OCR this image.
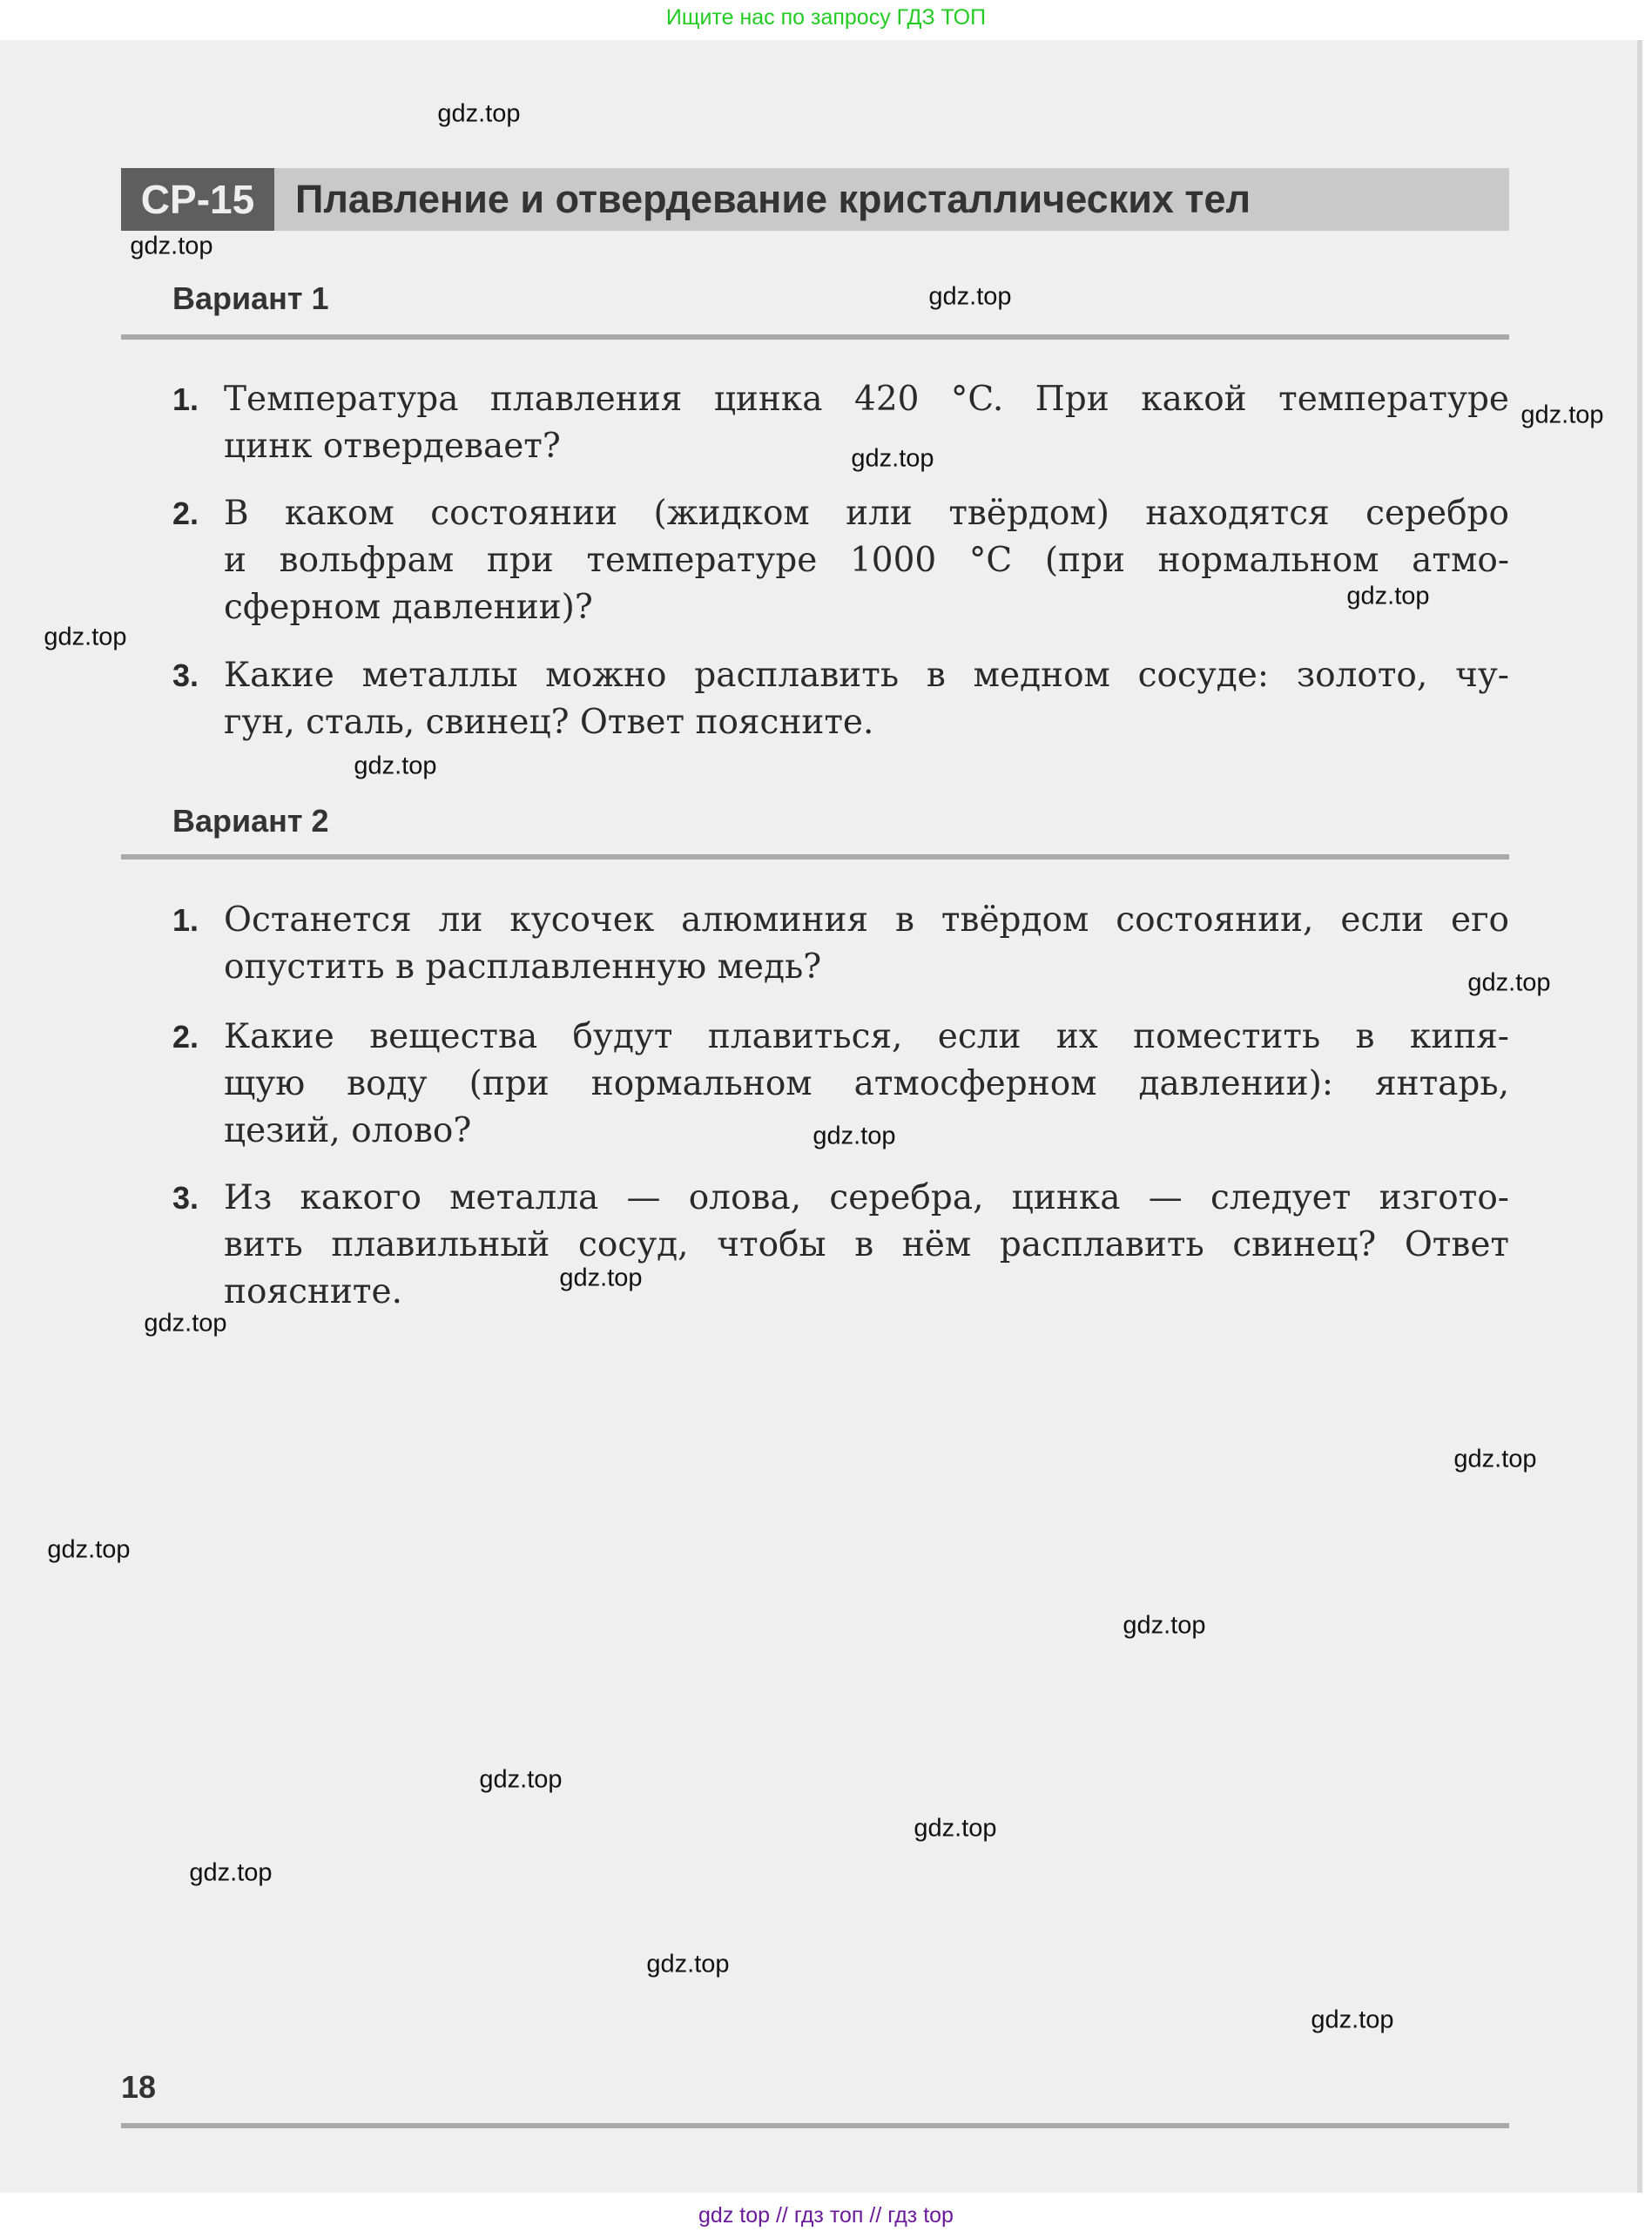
Ищите нас по запросу ГДЗ ТОП
СР-15	Плавление и отвердевание кристаллических тел
Вариант 1
1. Температура плавления цинка 420 °C. При какой температуре
цинк отвердевает?
2. В каком состоянии (жидком или твёрдом) находятся серебро
и вольфрам при температуре 1000 °C (при нормальном атмо-
сферном давлении)?
3. Какие металлы можно расплавить в медном сосуде: золото, чу-
гун, сталь, свинец? Ответ поясните.
Вариант 2
1. Останется ли кусочек алюминия в твёрдом состоянии, если его
опустить в расплавленную медь?
2. Какие вещества будут плавиться, если их поместить в кипя-
щую воду (при нормальном атмосферном давлении): янтарь,
цезий, олово?
3. Из какого металла — олова, серебра, цинка — следует изгото-
вить плавильный сосуд, чтобы в нём расплавить свинец? Ответ
поясните.
18
gdz.top
gdz.top
gdz.top
gdz.top
gdz.top
gdz.top
gdz.top
gdz.top
gdz.top
gdz.top
gdz.top
gdz.top
gdz.top
gdz.top
gdz.top
gdz.top
gdz.top
gdz.top
gdz.top
gdz.top
gdz top // гдз топ // гдз top
